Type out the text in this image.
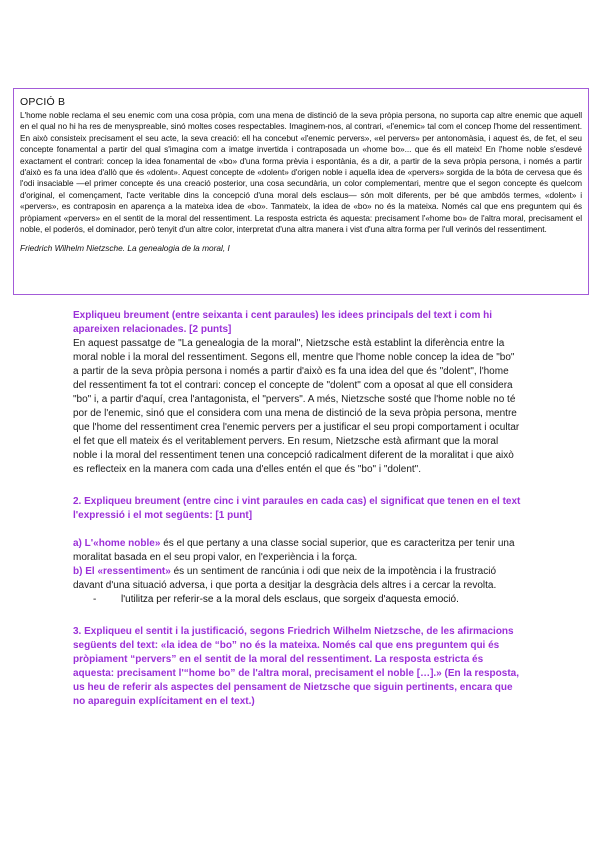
OPCIÓ B

L'home noble reclama el seu enemic com una cosa pròpia, com una mena de distinció de la seva pròpia persona, no suporta cap altre enemic que aquell en el qual no hi ha res de menyspreable, sinó moltes coses respectables. Imaginem-nos, al contrari, «l'enemic» tal com el concep l'home del ressentiment. En això consisteix precisament el seu acte, la seva creació: ell ha concebut «l'enemic pervers», «el pervers» per antonomàsia, i aquest és, de fet, el seu concepte fonamental a partir del qual s'imagina com a imatge invertida i contraposada un «home bo»... que és ell mateix! En l'home noble s'esdevé exactament el contrari: concep la idea fonamental de «bo» d'una forma prèvia i espontània, és a dir, a partir de la seva pròpia persona, i només a partir d'això es fa una idea d'allò que és «dolent». Aquest concepte de «dolent» d'origen noble i aquella idea de «pervers» sorgida de la bóta de cervesa que és l'odi insaciable —el primer concepte és una creació posterior, una cosa secundària, un color complementari, mentre que el segon concepte és quelcom d'original, el començament, l'acte veritable dins la concepció d'una moral dels esclaus— són molt diferents, per bé que ambdós termes, «dolent» i «pervers», es contraposin en aparença a la mateixa idea de «bo». Tanmateix, la idea de «bo» no és la mateixa. Només cal que ens preguntem qui és pròpiament «pervers» en el sentit de la moral del ressentiment. La resposta estricta és aquesta: precisament l'«home bo» de l'altra moral, precisament el noble, el poderós, el dominador, però tenyit d'un altre color, interpretat d'una altra manera i vist d'una altra forma per l'ull verinós del ressentiment.

Friedrich Wilhelm Nietzsche. La genealogia de la moral, I

Expliqueu breument (entre seixanta i cent paraules) les idees principals del text i com hi apareixen relacionades. [2 punts]

En aquest passatge de "La genealogia de la moral", Nietzsche està establint la diferència entre la moral noble i la moral del ressentiment. Segons ell, mentre que l'home noble concep la idea de "bo" a partir de la seva pròpia persona i només a partir d'això es fa una idea del que és "dolent", l'home del ressentiment fa tot el contrari: concep el concepte de "dolent" com a oposat al que ell considera "bo" i, a partir d'aquí, crea l'antagonista, el "pervers". A més, Nietzsche sosté que l'home noble no té por de l'enemic, sinó que el considera com una mena de distinció de la seva pròpia persona, mentre que l'home del ressentiment crea l'enemic pervers per a justificar el seu propi comportament i ocultar el fet que ell mateix és el veritablement pervers. En resum, Nietzsche està afirmant que la moral noble i la moral del ressentiment tenen una concepció radicalment diferent de la moralitat i que això es reflecteix en la manera com cada una d'elles entén el que és "bo" i "dolent".

2. Expliqueu breument (entre cinc i vint paraules en cada cas) el significat que tenen en el text l'expressió i el mot següents: [1 punt]

a) L'«home noble» és el que pertany a una classe social superior, que es caracteritza per tenir una moralitat basada en el seu propi valor, en l'experiència i la força.

b) El «ressentiment» és un sentiment de rancúnia i odi que neix de la impotència i la frustració davant d'una situació adversa, i que porta a desitjar la desgràcia dels altres i a cercar la revolta.

-	l'utilitza per referir-se a la moral dels esclaus, que sorgeix d'aquesta emoció.

3. Expliqueu el sentit i la justificació, segons Friedrich Wilhelm Nietzsche, de les afirmacions següents del text: «la idea de “bo” no és la mateixa. Només cal que ens preguntem qui és pròpiament “pervers” en el sentit de la moral del ressentiment. La resposta estricta és aquesta: precisament l'“home bo” de l'altra moral, precisament el noble […].» (En la resposta, us heu de referir als aspectes del pensament de Nietzsche que siguin pertinents, encara que no apareguin explícitament en el text.)
